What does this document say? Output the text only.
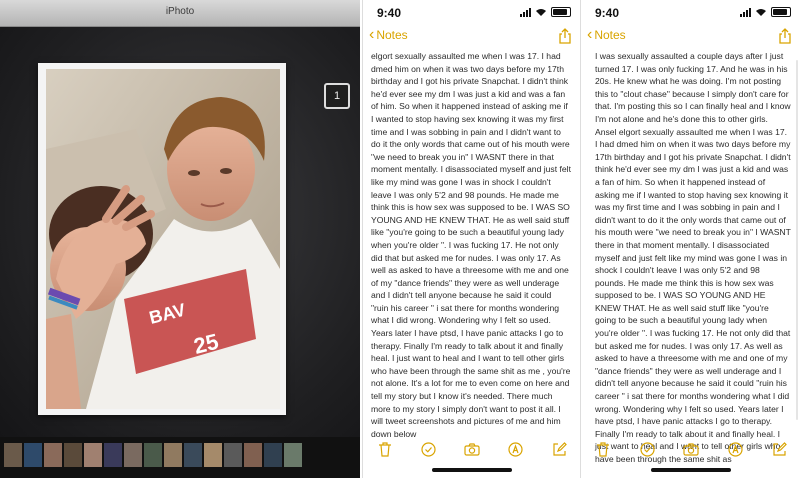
iPhoto
BAV
25
1
9:40
‹ Notes
elgort sexually assaulted me when I was 17. I had dmed him on when it was two days before my 17th birthday and I got his private Snapchat. I didn't think he'd ever see my dm I was just a kid and was a fan of him. So when it happened instead of asking me if I wanted to stop having sex knowing it was my first time and I was sobbing in pain and I didn't want to do it the only words that came out of his mouth were "we need to break you in" I WASNT there in that moment mentally. I disassociated myself and just felt like my mind was gone I was in shock I couldn't leave I was only 5'2 and 98 pounds. He made me think this is how sex was supposed to be. I WAS SO YOUNG AND HE KNEW THAT. He as well said stuff like "you're going to be such a beautiful young lady when you're older ". I was fucking 17. He not only did that but asked me for nudes. I was only 17. As well as asked to have a threesome with me and one of my "dance friends" they were as well underage and I didn't tell anyone because he said it could "ruin his career " i sat there for months wondering what I did wrong. Wondering why I felt so used. Years later I have ptsd, I have panic attacks I go to therapy. Finally I'm ready to talk about it and finally heal. I just want to heal and I want to tell other girls who have been through the same shit as me , you're not alone. It's a lot for me to even come on here and tell my story but I know it's needed. There much more to my story I simply don't want to post it all. I will tweet screenshots and pictures of me and him down below
9:40
‹ Notes
I was sexually assaulted a couple days after I just turned 17. I was only fucking 17. And he was in his 20s. He knew what he was doing. I'm not posting this to "clout chase" because I simply don't care for that. I'm posting this so I can finally heal and I know I'm not alone and he's done this to other girls. Ansel elgort sexually assaulted me when I was 17. I had dmed him on when it was two days before my 17th birthday and I got his private Snapchat. I didn't think he'd ever see my dm I was just a kid and was a fan of him. So when it happened instead of asking me if I wanted to stop having sex knowing it was my first time and I was sobbing in pain and I didn't want to do it the only words that came out of his mouth were "we need to break you in" I WASNT there in that moment mentally. I disassociated myself and just felt like my mind was gone I was in shock I couldn't leave I was only 5'2 and 98 pounds. He made me think this is how sex was supposed to be. I WAS SO YOUNG AND HE KNEW THAT. He as well said stuff like "you're going to be such a beautiful young lady when you're older ". I was fucking 17. He not only did that but asked me for nudes. I was only 17. As well as asked to have a threesome with me and one of my "dance friends" they were as well underage and I didn't tell anyone because he said it could "ruin his career " i sat there for months wondering what I did wrong. Wondering why I felt so used. Years later I have ptsd, I have panic attacks I go to therapy. Finally I'm ready to talk about it and finally heal. I just want to heal and I want to tell other girls who have been through the same shit as
